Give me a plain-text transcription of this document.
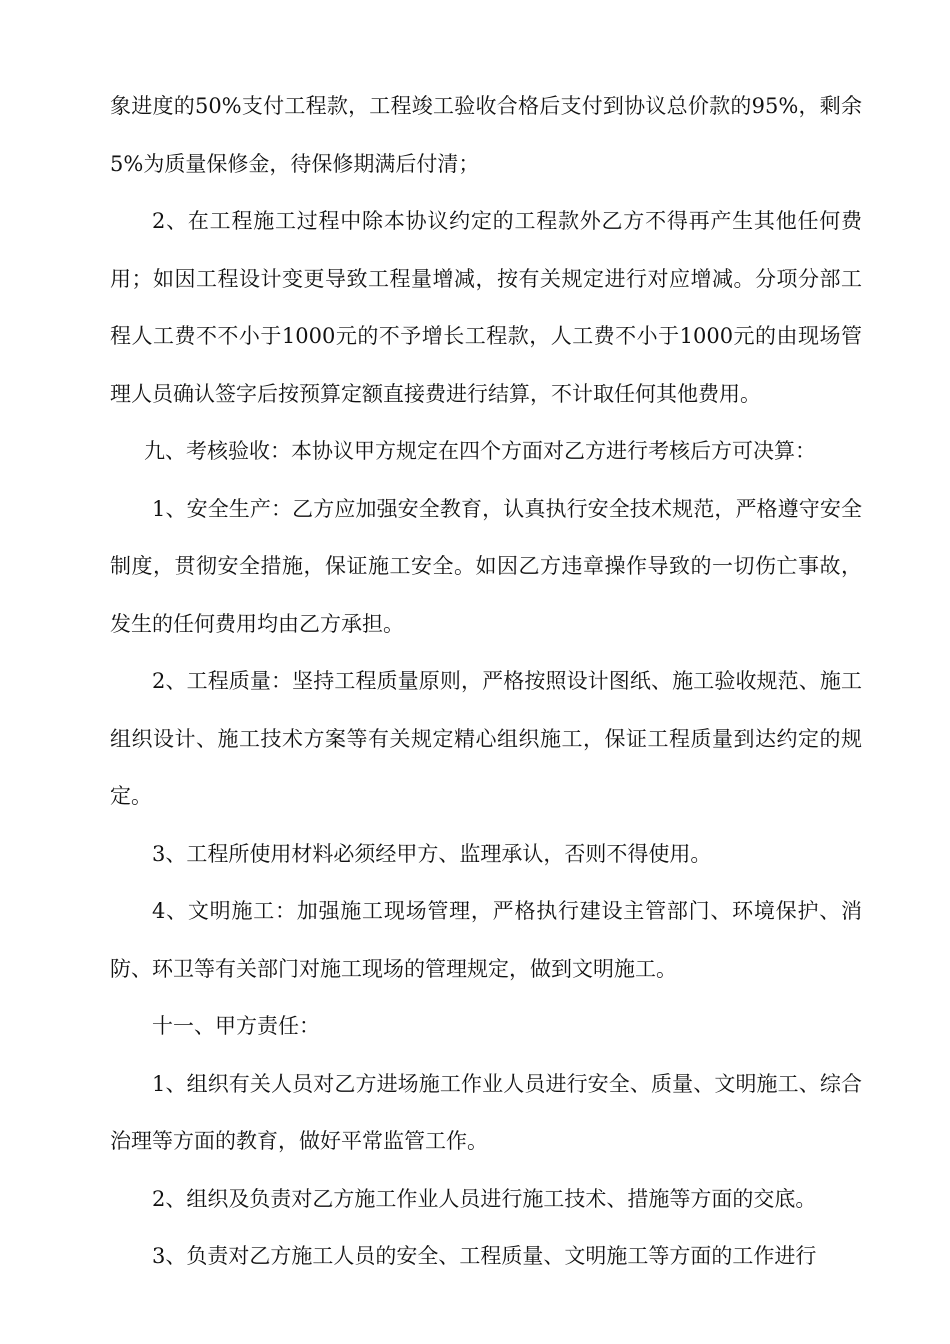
象进度的50%支付工程款，工程竣工验收合格后支付到协议总价款的95%，剩余5%为质量保修金，待保修期满后付清；

2、在工程施工过程中除本协议约定的工程款外乙方不得再产生其他任何费用；如因工程设计变更导致工程量增减，按有关规定进行对应增减。分项分部工程人工费不不小于1000元的不予增长工程款，人工费不小于1000元的由现场管理人员确认签字后按预算定额直接费进行结算，不计取任何其他费用。

九、考核验收：本协议甲方规定在四个方面对乙方进行考核后方可决算：

1、安全生产：乙方应加强安全教育，认真执行安全技术规范，严格遵守安全制度，贯彻安全措施，保证施工安全。如因乙方违章操作导致的一切伤亡事故，发生的任何费用均由乙方承担。

2、工程质量：坚持工程质量原则，严格按照设计图纸、施工验收规范、施工组织设计、施工技术方案等有关规定精心组织施工，保证工程质量到达约定的规定。

3、工程所使用材料必须经甲方、监理承认，否则不得使用。

4、文明施工：加强施工现场管理，严格执行建设主管部门、环境保护、消防、环卫等有关部门对施工现场的管理规定，做到文明施工。

十一、甲方责任：

1、组织有关人员对乙方进场施工作业人员进行安全、质量、文明施工、综合治理等方面的教育，做好平常监管工作。

2、组织及负责对乙方施工作业人员进行施工技术、措施等方面的交底。

3、负责对乙方施工人员的安全、工程质量、文明施工等方面的工作进行
